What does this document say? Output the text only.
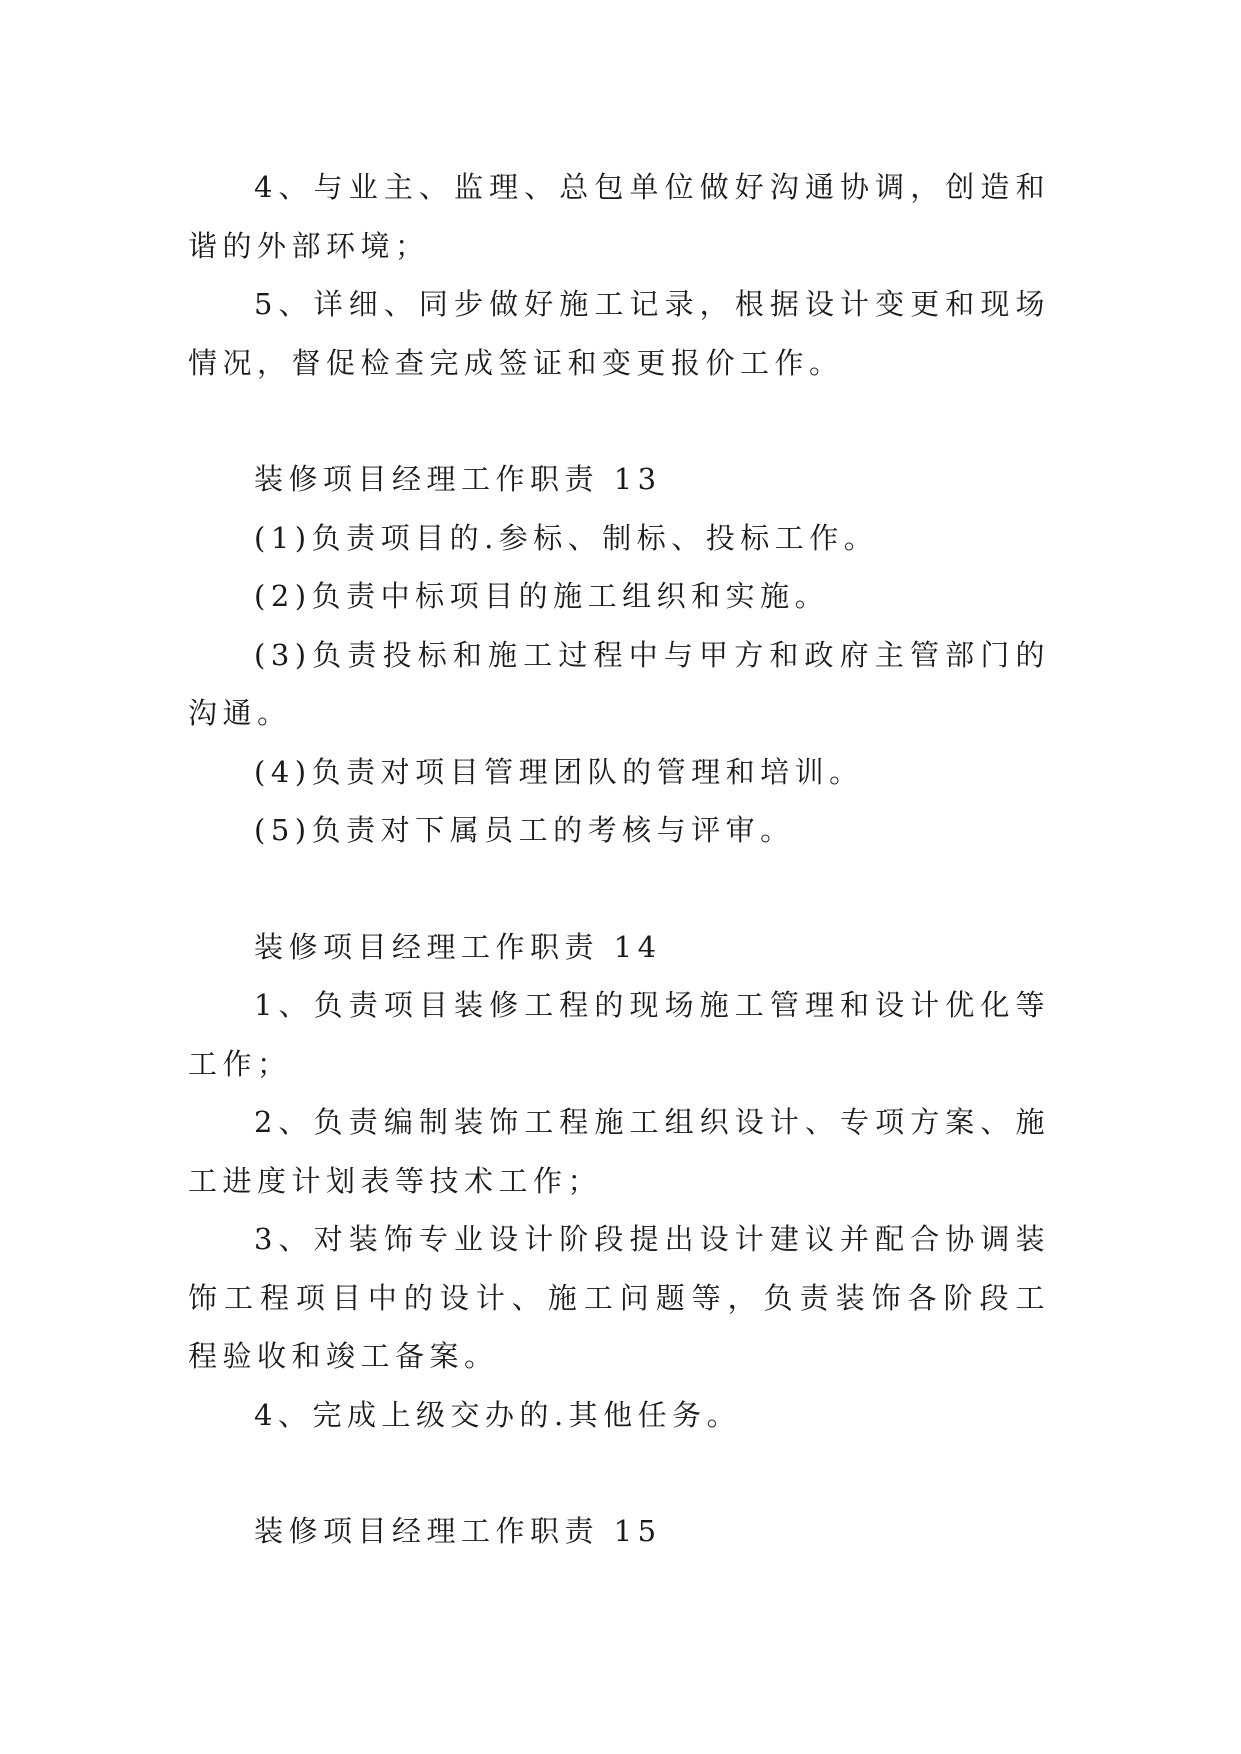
4、与业主、监理、总包单位做好沟通协调，创造和谐的外部环境；

5、详细、同步做好施工记录，根据设计变更和现场情况，督促检查完成签证和变更报价工作。

装修项目经理工作职责 13

(1)负责项目的.参标、制标、投标工作。

(2)负责中标项目的施工组织和实施。

(3)负责投标和施工过程中与甲方和政府主管部门的沟通。

(4)负责对项目管理团队的管理和培训。

(5)负责对下属员工的考核与评审。

装修项目经理工作职责 14

1、负责项目装修工程的现场施工管理和设计优化等工作；

2、负责编制装饰工程施工组织设计、专项方案、施工进度计划表等技术工作；

3、对装饰专业设计阶段提出设计建议并配合协调装饰工程项目中的设计、施工问题等，负责装饰各阶段工程验收和竣工备案。

4、完成上级交办的.其他任务。

装修项目经理工作职责 15
